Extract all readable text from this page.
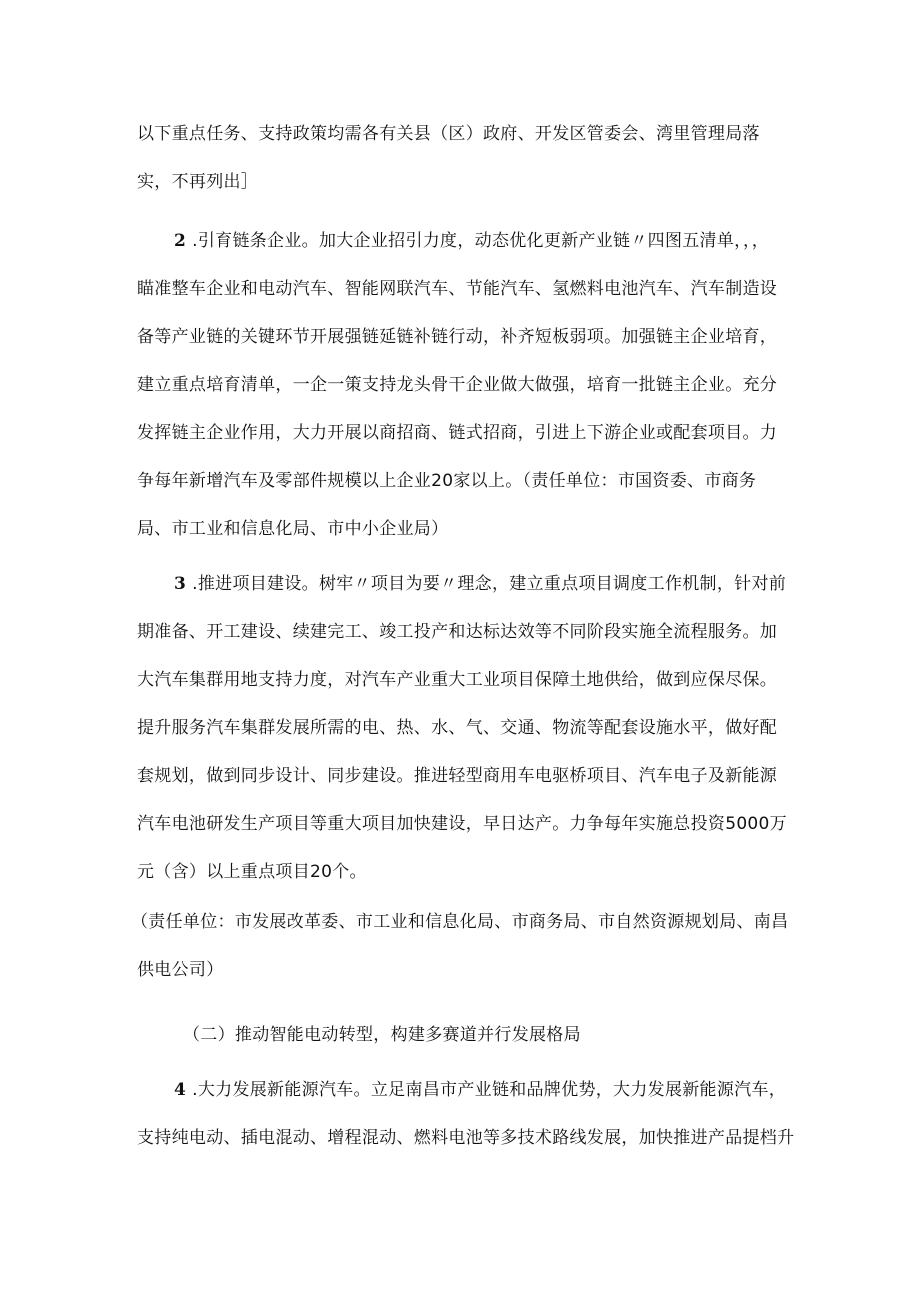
以下重点任务、支持政策均需各有关县（区）政府、开发区管委会、湾里管理局落
实，不再列出］
2 .引育链条企业。加大企业招引力度，动态优化更新产业链〃四图五清单，，，
瞄准整车企业和电动汽车、智能网联汽车、节能汽车、氢燃料电池汽车、汽车制造设
备等产业链的关键环节开展强链延链补链行动，补齐短板弱项。加强链主企业培育，
建立重点培育清单，一企一策支持龙头骨干企业做大做强，培育一批链主企业。充分
发挥链主企业作用，大力开展以商招商、链式招商，引进上下游企业或配套项目。力
争每年新增汽车及零部件规模以上企业20家以上。（责任单位：市国资委、市商务
局、市工业和信息化局、市中小企业局）
3 .推进项目建设。树牢〃项目为要〃理念，建立重点项目调度工作机制，针对前
期准备、开工建设、续建完工、竣工投产和达标达效等不同阶段实施全流程服务。加
大汽车集群用地支持力度，对汽车产业重大工业项目保障土地供给，做到应保尽保。
提升服务汽车集群发展所需的电、热、水、气、交通、物流等配套设施水平，做好配
套规划，做到同步设计、同步建设。推进轻型商用车电驱桥项目、汽车电子及新能源
汽车电池研发生产项目等重大项目加快建设，早日达产。力争每年实施总投资5000万
元（含）以上重点项目20个。
（责任单位：市发展改革委、市工业和信息化局、市商务局、市自然资源规划局、南昌
供电公司）
（二）推动智能电动转型，构建多赛道并行发展格局
4 .大力发展新能源汽车。立足南昌市产业链和品牌优势，大力发展新能源汽车，
支持纯电动、插电混动、增程混动、燃料电池等多技术路线发展，加快推进产品提档升
